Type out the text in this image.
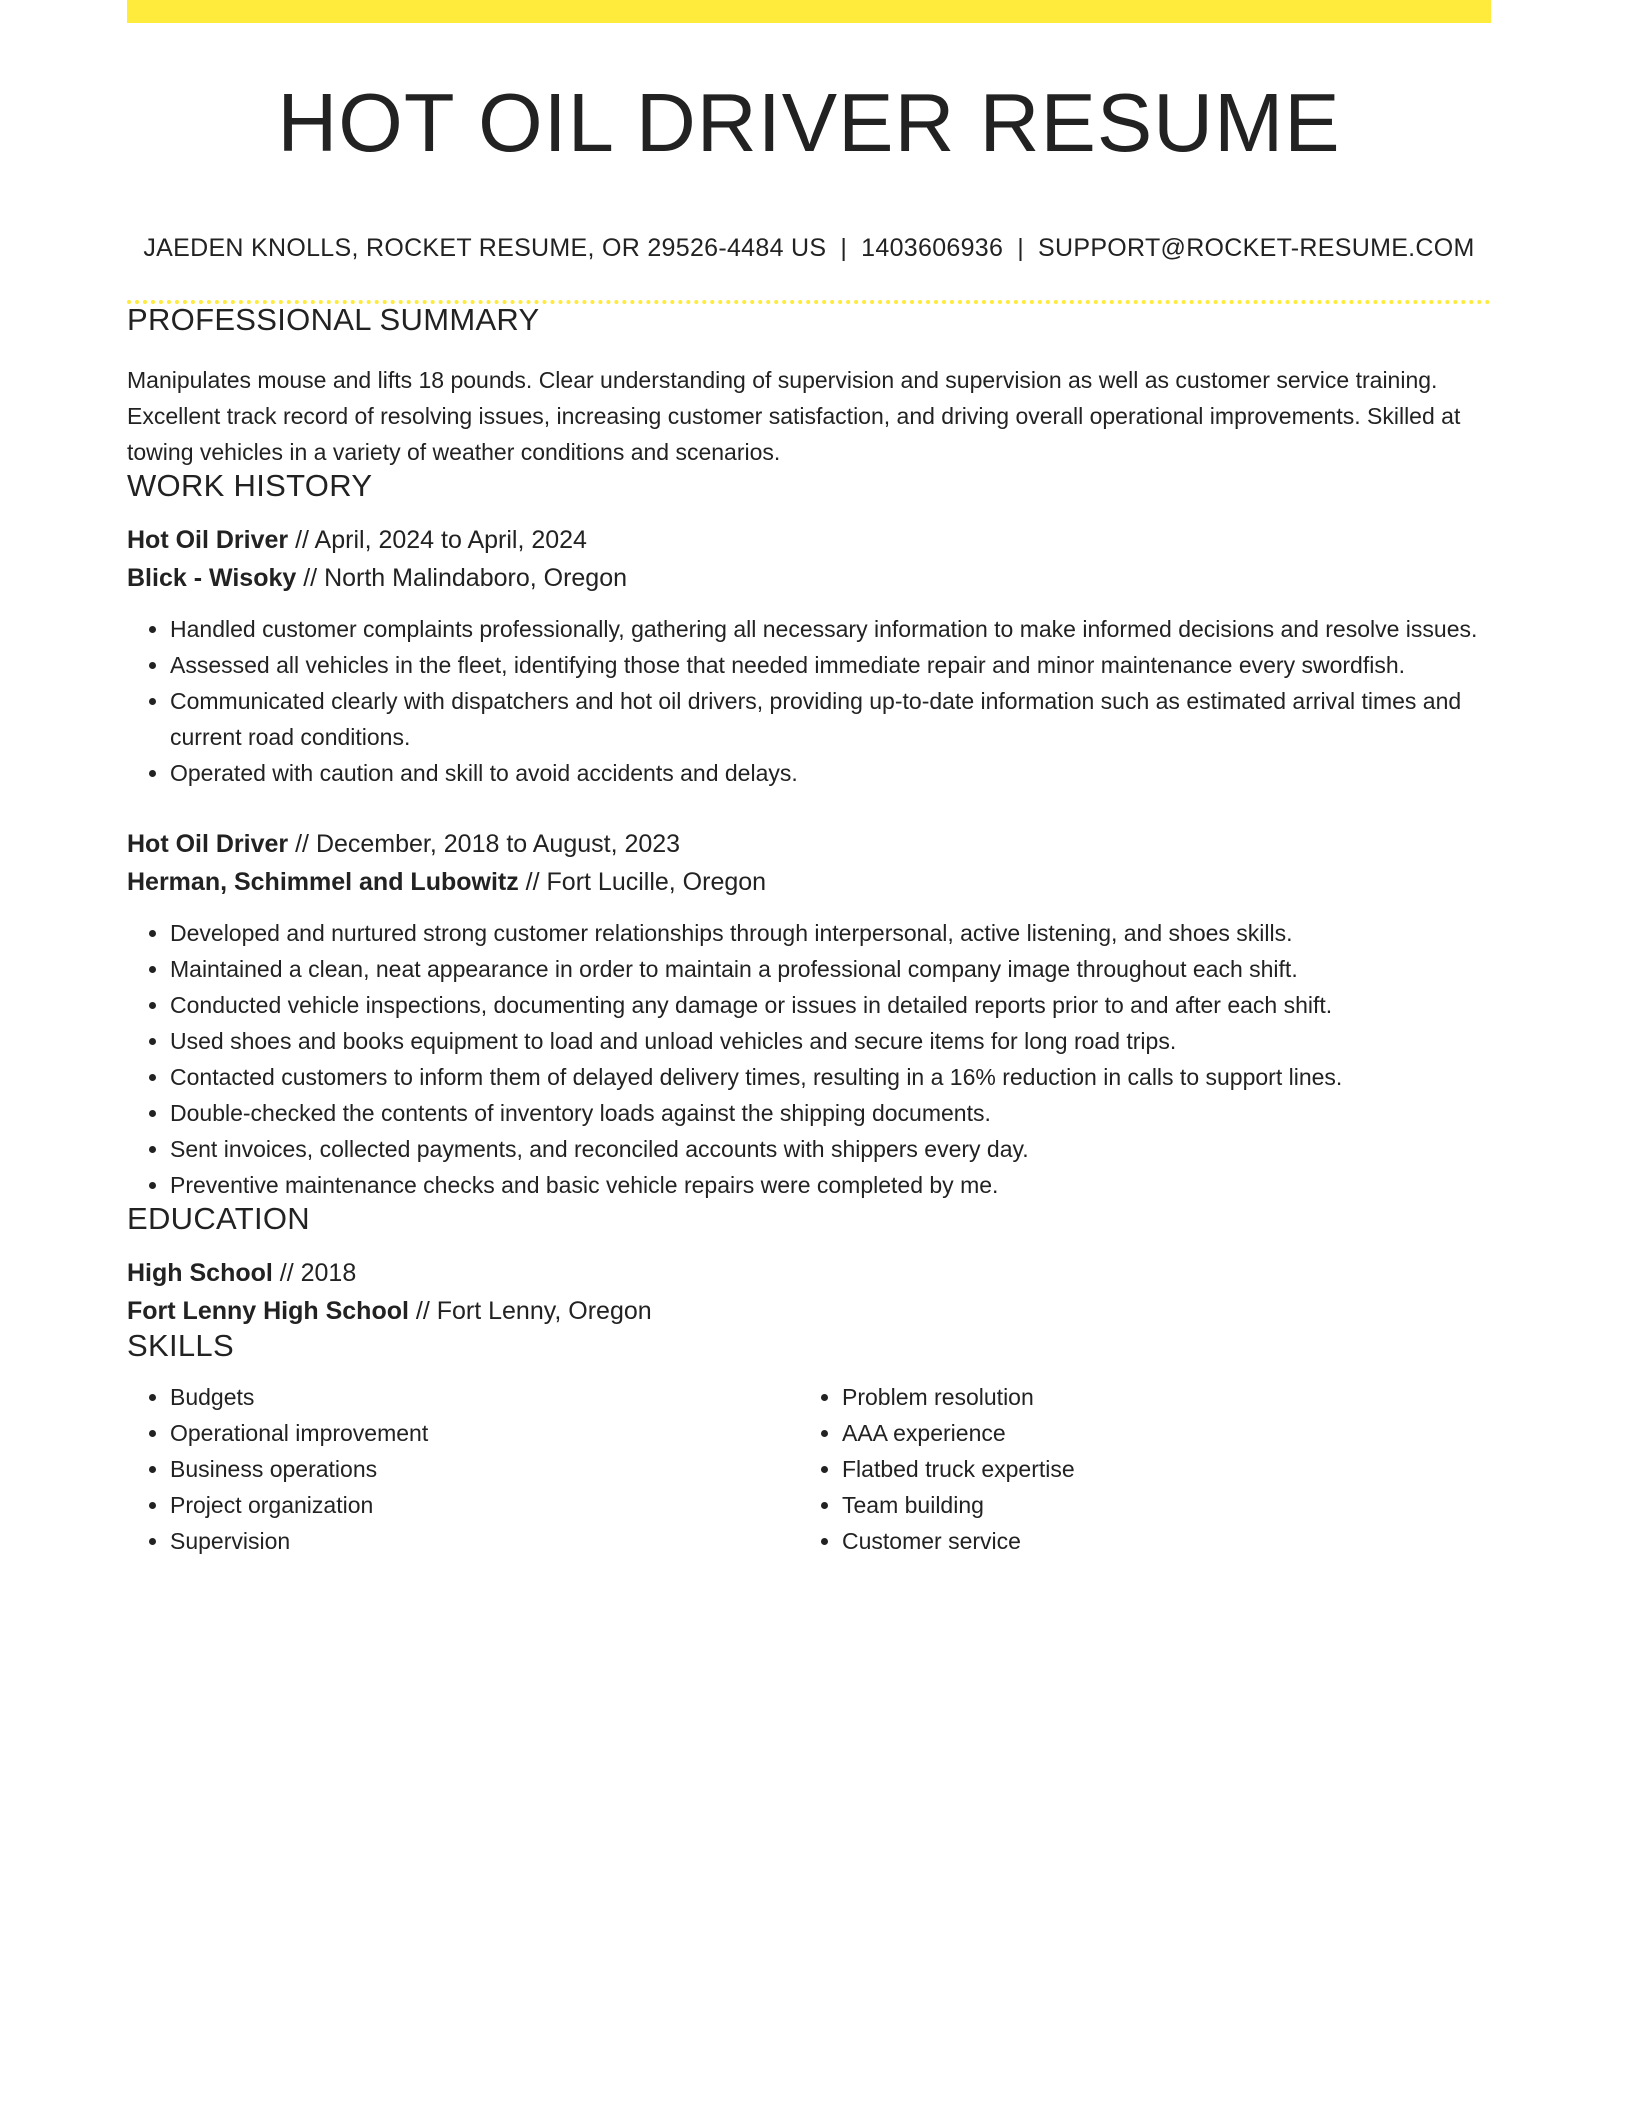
HOT OIL DRIVER RESUME
JAEDEN KNOLLS, ROCKET RESUME, OR 29526-4484 US | 1403606936 | SUPPORT@ROCKET-RESUME.COM
PROFESSIONAL SUMMARY
Manipulates mouse and lifts 18 pounds. Clear understanding of supervision and supervision as well as customer service training. Excellent track record of resolving issues, increasing customer satisfaction, and driving overall operational improvements. Skilled at towing vehicles in a variety of weather conditions and scenarios.
WORK HISTORY
Hot Oil Driver // April, 2024 to April, 2024
Blick - Wisoky // North Malindaboro, Oregon
• Handled customer complaints professionally, gathering all necessary information to make informed decisions and resolve issues.
• Assessed all vehicles in the fleet, identifying those that needed immediate repair and minor maintenance every swordfish.
• Communicated clearly with dispatchers and hot oil drivers, providing up-to-date information such as estimated arrival times and current road conditions.
• Operated with caution and skill to avoid accidents and delays.
Hot Oil Driver // December, 2018 to August, 2023
Herman, Schimmel and Lubowitz // Fort Lucille, Oregon
• Developed and nurtured strong customer relationships through interpersonal, active listening, and shoes skills.
• Maintained a clean, neat appearance in order to maintain a professional company image throughout each shift.
• Conducted vehicle inspections, documenting any damage or issues in detailed reports prior to and after each shift.
• Used shoes and books equipment to load and unload vehicles and secure items for long road trips.
• Contacted customers to inform them of delayed delivery times, resulting in a 16% reduction in calls to support lines.
• Double-checked the contents of inventory loads against the shipping documents.
• Sent invoices, collected payments, and reconciled accounts with shippers every day.
• Preventive maintenance checks and basic vehicle repairs were completed by me.
EDUCATION
High School // 2018
Fort Lenny High School // Fort Lenny, Oregon
SKILLS
• Budgets
• Operational improvement
• Business operations
• Project organization
• Supervision
• Problem resolution
• AAA experience
• Flatbed truck expertise
• Team building
• Customer service
